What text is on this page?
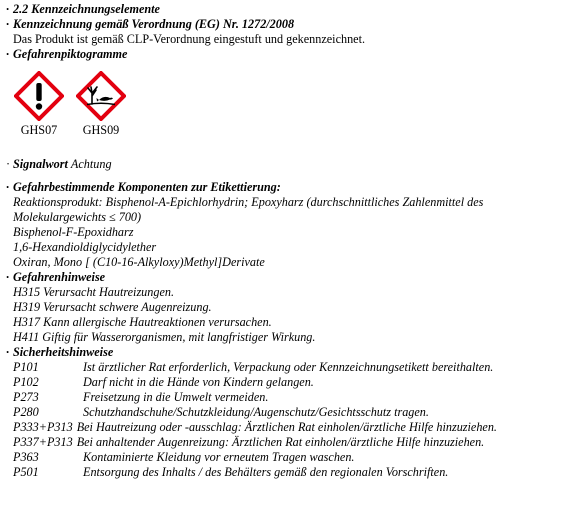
· 2.2 Kennzeichnungselemente
· Kennzeichnung gemäß Verordnung (EG) Nr. 1272/2008
Das Produkt ist gemäß CLP-Verordnung eingestuft und gekennzeichnet.
· Gefahrenpiktogramme
GHS07 GHS09
· Signalwort Achtung
· Gefahrbestimmende Komponenten zur Etikettierung:
Reaktionsprodukt: Bisphenol-A-Epichlorhydrin; Epoxyharz (durchschnittliches Zahlenmittel des Molekulargewichts ≤ 700)
Bisphenol-F-Epoxidharz
1,6-Hexandioldiglycidylether
Oxiran, Mono [ (C10-16-Alkyloxy)Methyl]Derivate
· Gefahrenhinweise
H315 Verursacht Hautreizungen.
H319 Verursacht schwere Augenreizung.
H317 Kann allergische Hautreaktionen verursachen.
H411 Giftig für Wasserorganismen, mit langfristiger Wirkung.
· Sicherheitshinweise
P101	Ist ärztlicher Rat erforderlich, Verpackung oder Kennzeichnungsetikett bereithalten.
P102	Darf nicht in die Hände von Kindern gelangen.
P273	Freisetzung in die Umwelt vermeiden.
P280	Schutzhandschuhe/Schutzkleidung/Augenschutz/Gesichtsschutz tragen.
P333+P313 Bei Hautreizung oder -ausschlag: Ärztlichen Rat einholen/ärztliche Hilfe hinzuziehen.
P337+P313 Bei anhaltender Augenreizung: Ärztlichen Rat einholen/ärztliche Hilfe hinzuziehen.
P363	Kontaminierte Kleidung vor erneutem Tragen waschen.
P501	Entsorgung des Inhalts / des Behälters gemäß den regionalen Vorschriften.
